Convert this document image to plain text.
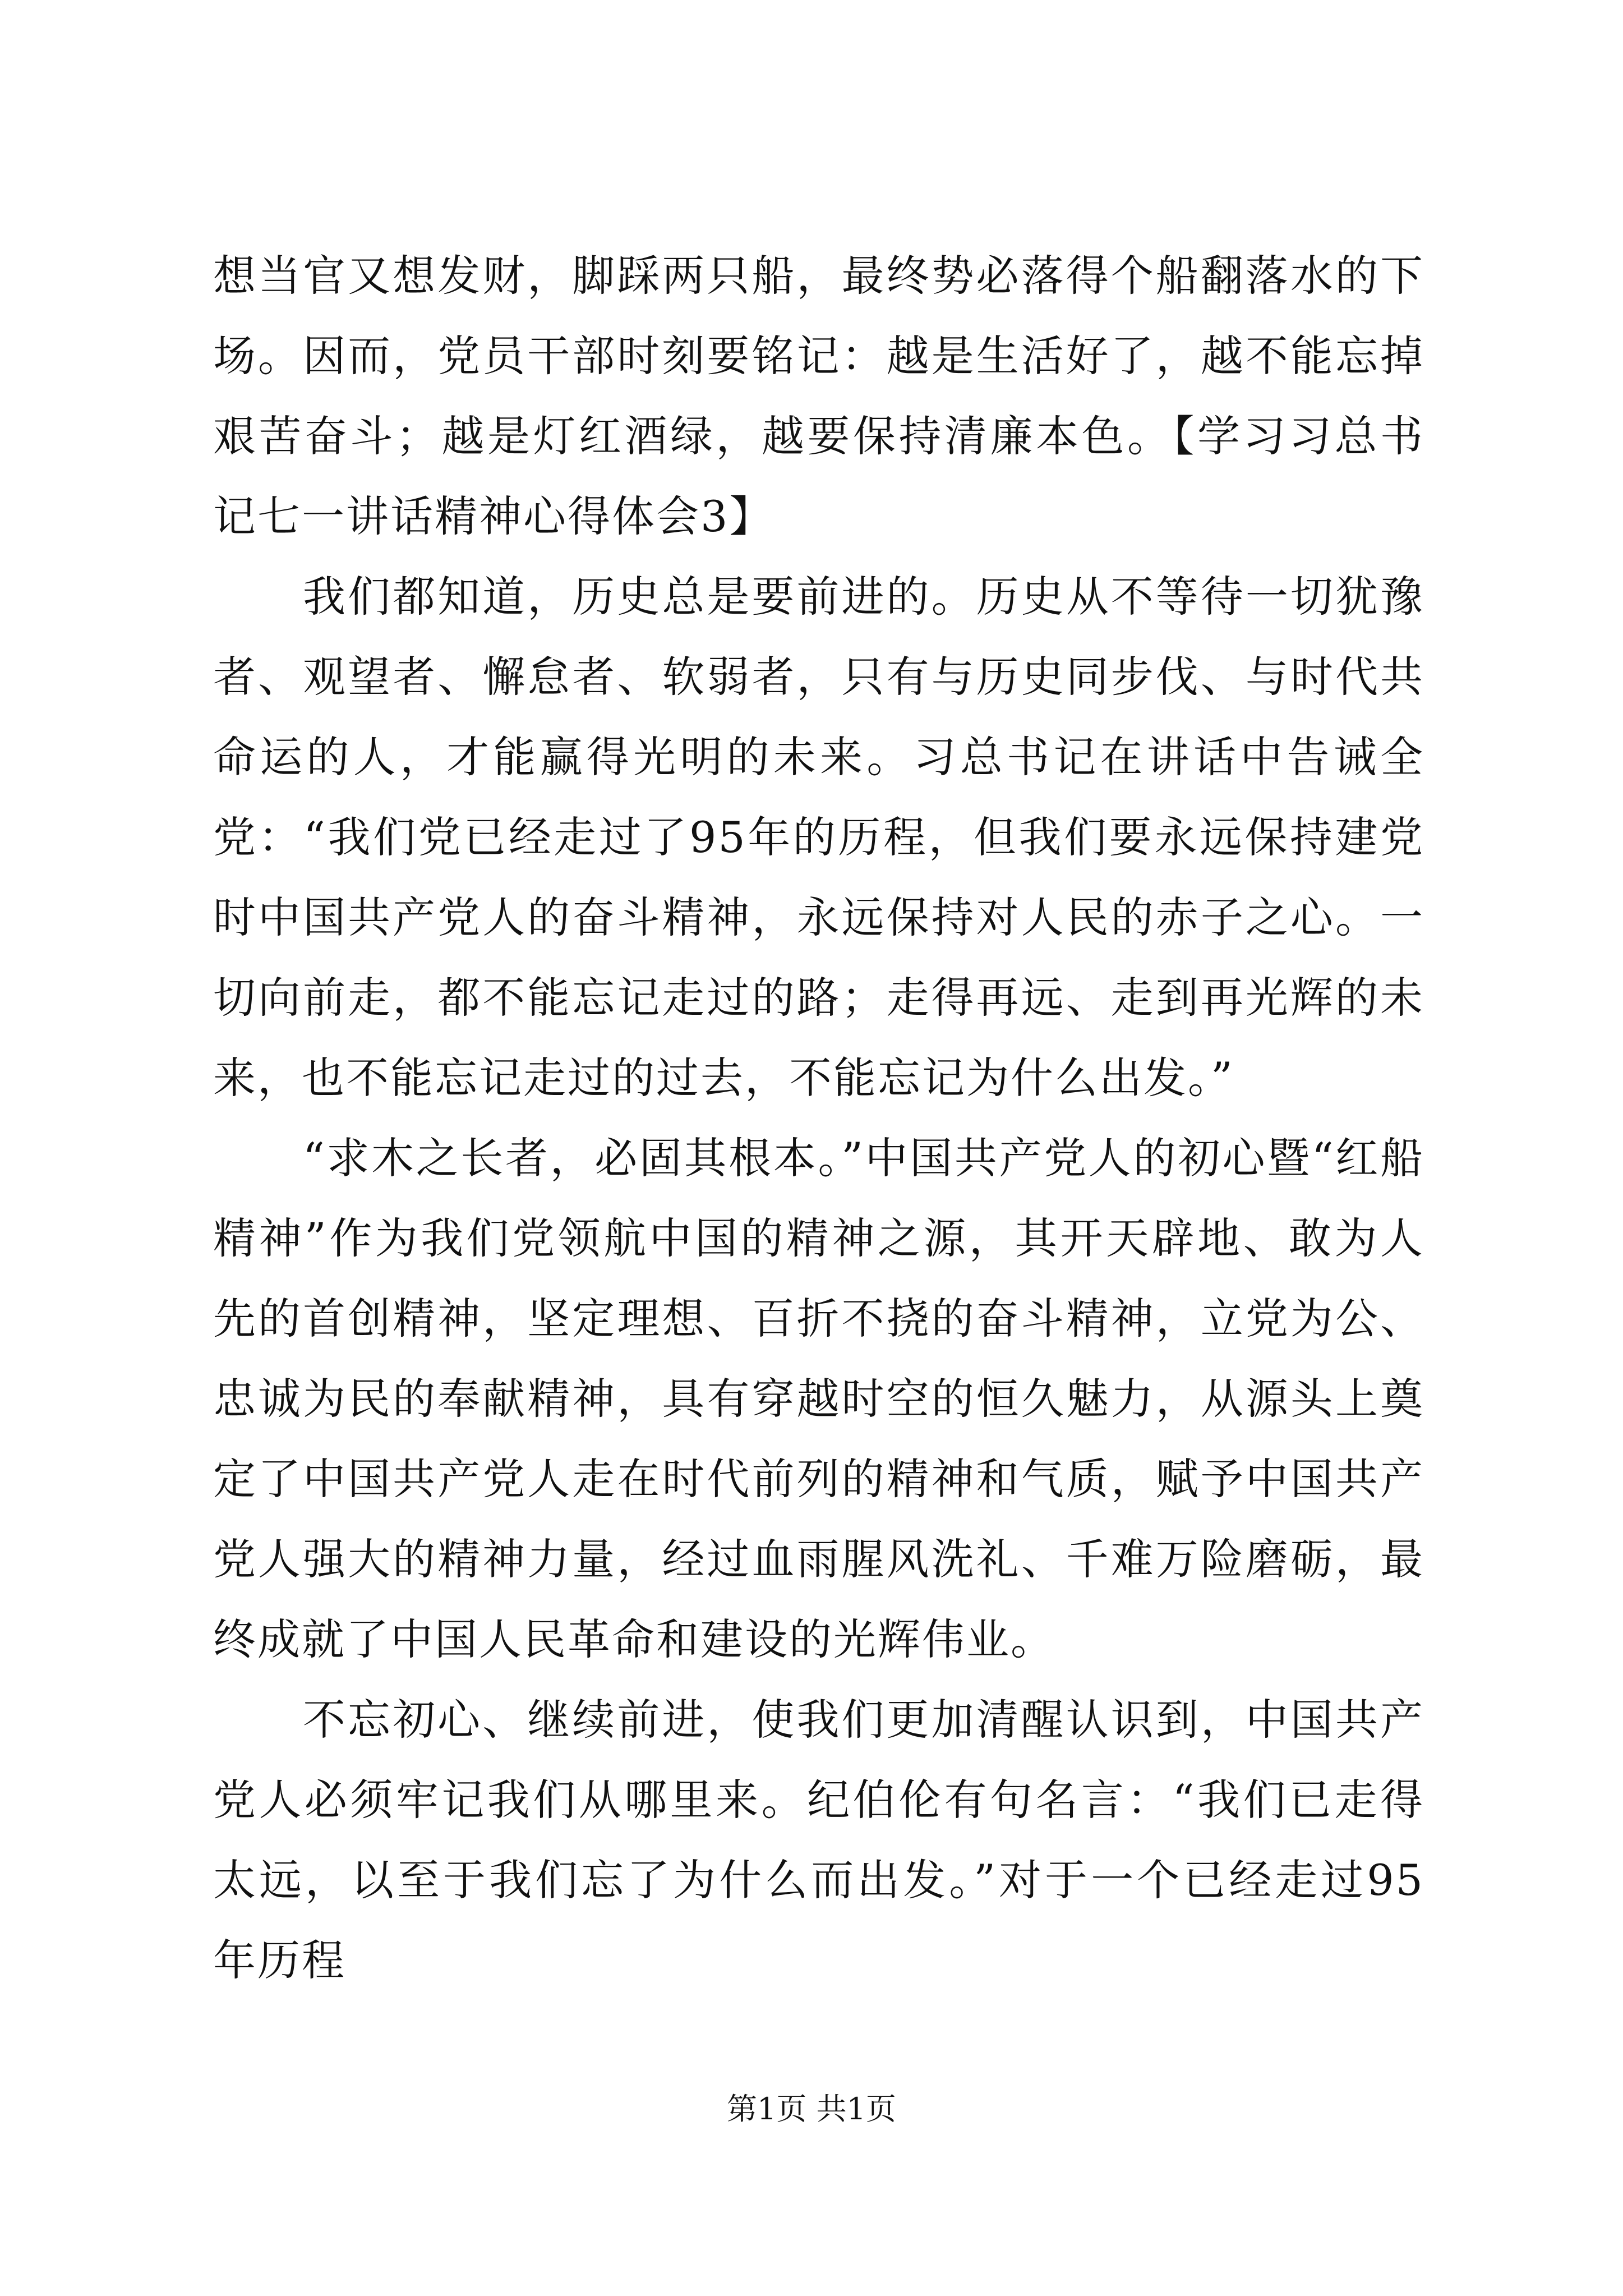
想当官又想发财，脚踩两只船，最终势必落得个船翻落水的下场。因而，党员干部时刻要铭记：越是生活好了，越不能忘掉艰苦奋斗；越是灯红酒绿，越要保持清廉本色。【学习习总书记七一讲话精神心得体会3】

我们都知道，历史总是要前进的。历史从不等待一切犹豫者、观望者、懈怠者、软弱者，只有与历史同步伐、与时代共命运的人，才能赢得光明的未来。习总书记在讲话中告诫全党：“我们党已经走过了95年的历程，但我们要永远保持建党时中国共产党人的奋斗精神，永远保持对人民的赤子之心。一切向前走，都不能忘记走过的路；走得再远、走到再光辉的未来，也不能忘记走过的过去，不能忘记为什么出发。”

“求木之长者，必固其根本。”中国共产党人的初心暨“红船精神”作为我们党领航中国的精神之源，其开天辟地、敢为人先的首创精神，坚定理想、百折不挠的奋斗精神，立党为公、忠诚为民的奉献精神，具有穿越时空的恒久魅力，从源头上奠定了中国共产党人走在时代前列的精神和气质，赋予中国共产党人强大的精神力量，经过血雨腥风洗礼、千难万险磨砺，最终成就了中国人民革命和建设的光辉伟业。

不忘初心、继续前进，使我们更加清醒认识到，中国共产党人必须牢记我们从哪里来。纪伯伦有句名言：“我们已走得太远，以至于我们忘了为什么而出发。”对于一个已经走过95年历程

第1页 共1页
